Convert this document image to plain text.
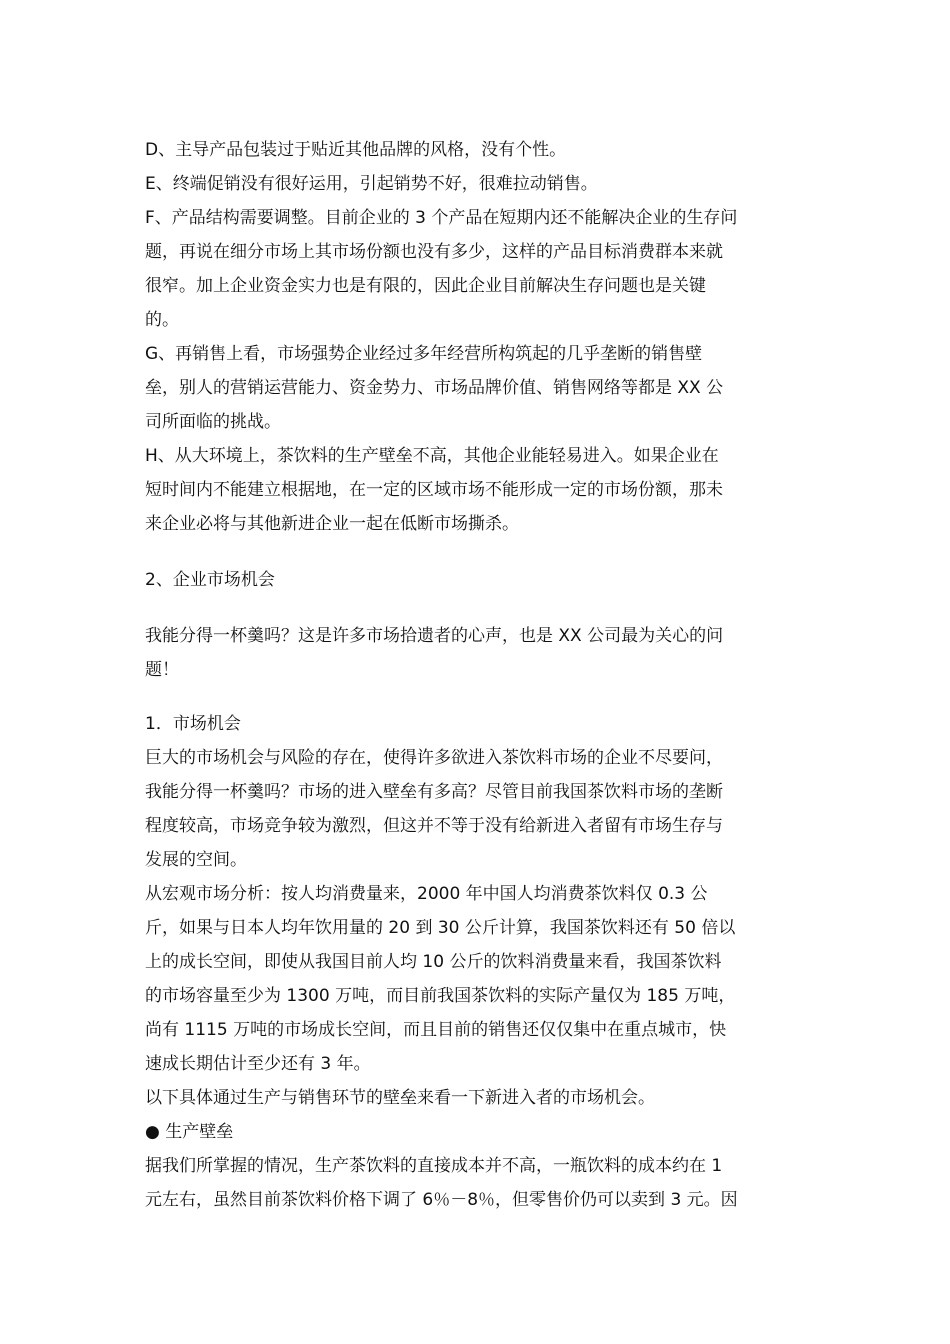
D、主导产品包装过于贴近其他品牌的风格，没有个性。
E、终端促销没有很好运用，引起销势不好，很难拉动销售。
F、产品结构需要调整。目前企业的 3 个产品在短期内还不能解决企业的生存问
题，再说在细分市场上其市场份额也没有多少，这样的产品目标消费群本来就
很窄。加上企业资金实力也是有限的，因此企业目前解决生存问题也是关键
的。
G、再销售上看，市场强势企业经过多年经营所构筑起的几乎垄断的销售壁
垒，别人的营销运营能力、资金势力、市场品牌价值、销售网络等都是 XX 公
司所面临的挑战。
H、从大环境上，茶饮料的生产壁垒不高，其他企业能轻易进入。如果企业在
短时间内不能建立根据地，在一定的区域市场不能形成一定的市场份额，那未
来企业必将与其他新进企业一起在低断市场撕杀。
2、企业市场机会
我能分得一杯羹吗？这是许多市场拾遗者的心声，也是 XX 公司最为关心的问
题！
1．市场机会
巨大的市场机会与风险的存在，使得许多欲进入茶饮料市场的企业不尽要问，
我能分得一杯羹吗？市场的进入壁垒有多高？尽管目前我国茶饮料市场的垄断
程度较高，市场竞争较为激烈，但这并不等于没有给新进入者留有市场生存与
发展的空间。
从宏观市场分析：按人均消费量来，2000 年中国人均消费茶饮料仅 0.3 公
斤，如果与日本人均年饮用量的 20 到 30 公斤计算，我国茶饮料还有 50 倍以
上的成长空间，即使从我国目前人均 10 公斤的饮料消费量来看，我国茶饮料
的市场容量至少为 1300 万吨，而目前我国茶饮料的实际产量仅为 185 万吨，
尚有 1115 万吨的市场成长空间，而且目前的销售还仅仅集中在重点城市，快
速成长期估计至少还有 3 年。
以下具体通过生产与销售环节的壁垒来看一下新进入者的市场机会。
● 生产壁垒
据我们所掌握的情况，生产茶饮料的直接成本并不高，一瓶饮料的成本约在 1
元左右，虽然目前茶饮料价格下调了 6％－8％，但零售价仍可以卖到 3 元。因
